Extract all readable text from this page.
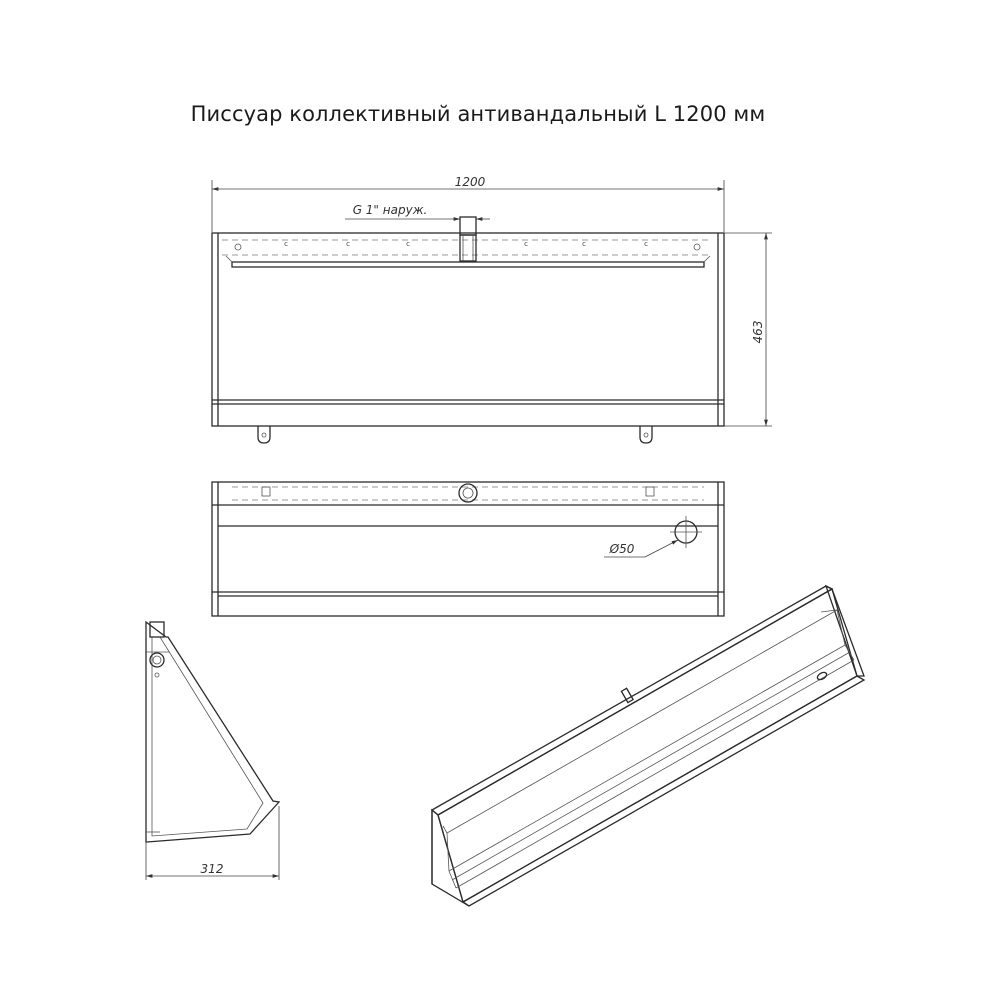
Писсуар коллективный антивандальный L 1200 мм
1200
G 1" наруж.
c	c	c	c	c	c
463
Ø50
312
